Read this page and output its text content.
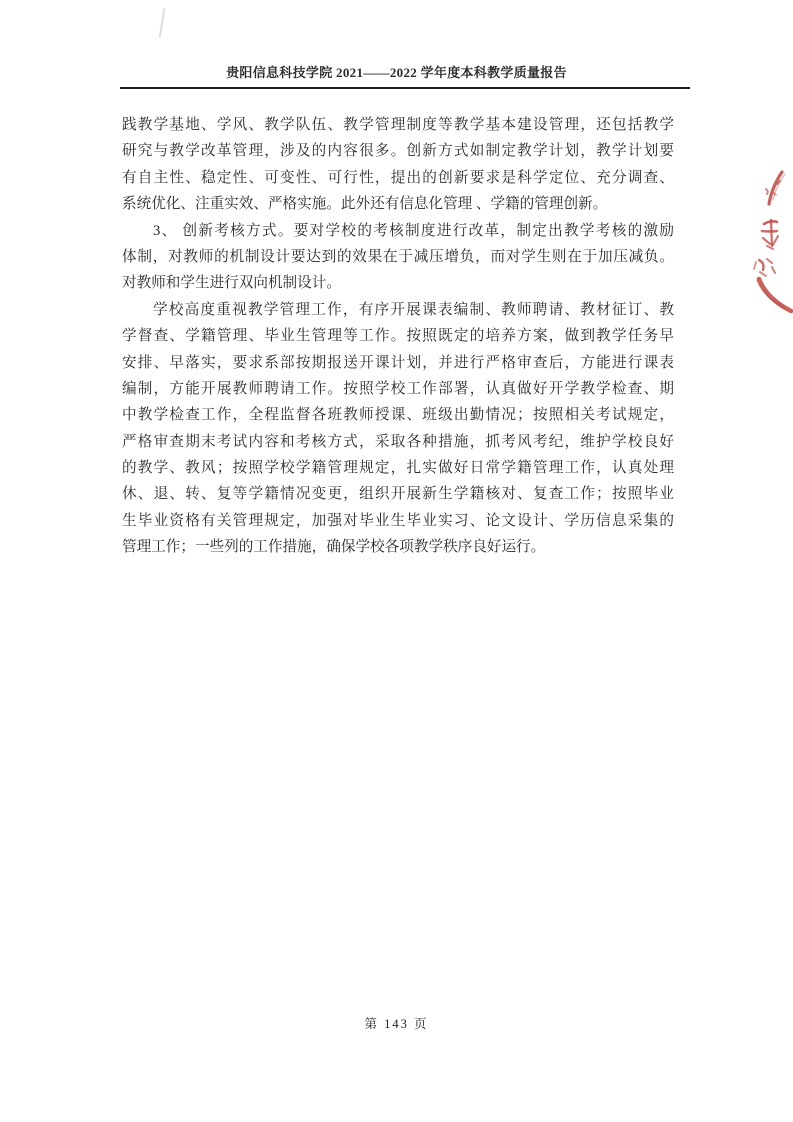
贵阳信息科技学院 2021——2022 学年度本科教学质量报告
践教学基地、学风、教学队伍、教学管理制度等教学基本建设管理，还包括教学
研究与教学改革管理，涉及的内容很多。创新方式如制定教学计划，教学计划要
有自主性、稳定性、可变性、可行性，提出的创新要求是科学定位、充分调查、
系统优化、注重实效、严格实施。此外还有信息化管理 、学籍的管理创新。
3、 创新考核方式。要对学校的考核制度进行改革，制定出教学考核的激励
体制，对教师的机制设计要达到的效果在于减压增负，而对学生则在于加压减负。
对教师和学生进行双向机制设计。
学校高度重视教学管理工作，有序开展课表编制、教师聘请、教材征订、教
学督查、学籍管理、毕业生管理等工作。按照既定的培养方案，做到教学任务早
安排、早落实，要求系部按期报送开课计划，并进行严格审查后，方能进行课表
编制，方能开展教师聘请工作。按照学校工作部署，认真做好开学教学检查、期
中教学检查工作，全程监督各班教师授课、班级出勤情况；按照相关考试规定，
严格审查期末考试内容和考核方式，采取各种措施，抓考风考纪，维护学校良好
的教学、教风；按照学校学籍管理规定，扎实做好日常学籍管理工作，认真处理
休、退、转、复等学籍情况变更，组织开展新生学籍核对、复查工作；按照毕业
生毕业资格有关管理规定，加强对毕业生毕业实习、论文设计、学历信息采集的
管理工作；一些列的工作措施，确保学校各项教学秩序良好运行。
第 143 页
